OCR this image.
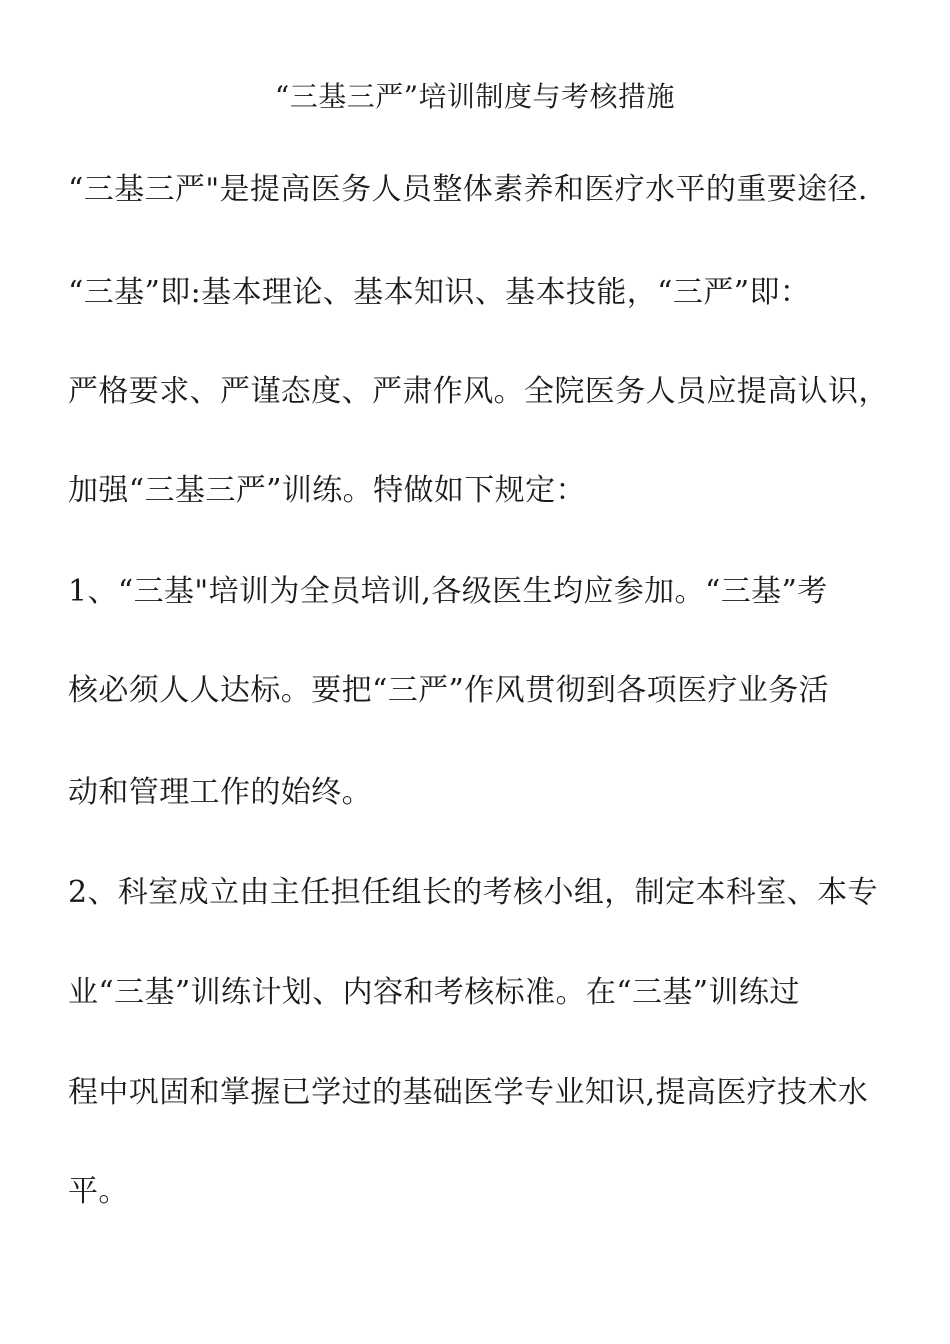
“三基三严”培训制度与考核措施
“三基三严"是提高医务人员整体素养和医疗水平的重要途径.
“三基”即:基本理论、基本知识、基本技能，“三严”即：
严格要求、严谨态度、严肃作风。全院医务人员应提高认识，
加强“三基三严”训练。特做如下规定：
1、“三基"培训为全员培训,各级医生均应参加。“三基”考
核必须人人达标。要把“三严”作风贯彻到各项医疗业务活
动和管理工作的始终。
2、科室成立由主任担任组长的考核小组，制定本科室、本专
业“三基”训练计划、内容和考核标准。在“三基”训练过
程中巩固和掌握已学过的基础医学专业知识,提高医疗技术水
平。
